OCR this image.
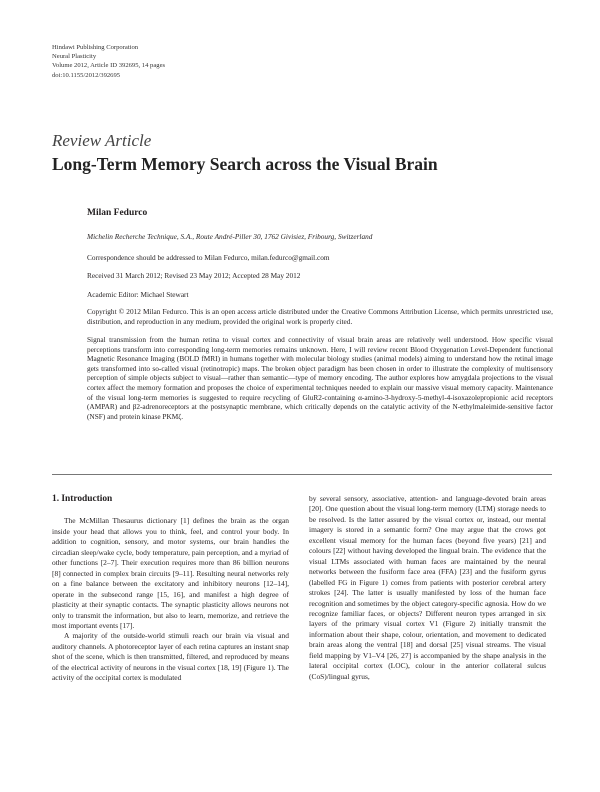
Hindawi Publishing Corporation
Neural Plasticity
Volume 2012, Article ID 392695, 14 pages
doi:10.1155/2012/392695
Review Article
Long-Term Memory Search across the Visual Brain
Milan Fedurco
Michelin Recherche Technique, S.A., Route André-Piller 30, 1762 Givisiez, Fribourg, Switzerland
Correspondence should be addressed to Milan Fedurco, milan.fedurco@gmail.com
Received 31 March 2012; Revised 23 May 2012; Accepted 28 May 2012
Academic Editor: Michael Stewart
Copyright © 2012 Milan Fedurco. This is an open access article distributed under the Creative Commons Attribution License, which permits unrestricted use, distribution, and reproduction in any medium, provided the original work is properly cited.
Signal transmission from the human retina to visual cortex and connectivity of visual brain areas are relatively well understood. How specific visual perceptions transform into corresponding long-term memories remains unknown. Here, I will review recent Blood Oxygenation Level-Dependent functional Magnetic Resonance Imaging (BOLD fMRI) in humans together with molecular biology studies (animal models) aiming to understand how the retinal image gets transformed into so-called visual (retinotropic) maps. The broken object paradigm has been chosen in order to illustrate the complexity of multisensory perception of simple objects subject to visual—rather than semantic—type of memory encoding. The author explores how amygdala projections to the visual cortex affect the memory formation and proposes the choice of experimental techniques needed to explain our massive visual memory capacity. Maintenance of the visual long-term memories is suggested to require recycling of GluR2-containing α-amino-3-hydroxy-5-methyl-4-isoxazolepropionic acid receptors (AMPAR) and β2-adrenoreceptors at the postsynaptic membrane, which critically depends on the catalytic activity of the N-ethylmaleimide-sensitive factor (NSF) and protein kinase PKMζ.
1. Introduction

The McMillan Thesaurus dictionary [1] defines the brain as the organ inside your head that allows you to think, feel, and control your body. In addition to cognition, sensory, and motor systems, our brain handles the circadian sleep/wake cycle, body temperature, pain perception, and a myriad of other functions [2–7]. Their execution requires more than 86 billion neurons [8] connected in complex brain circuits [9–11]. Resulting neural networks rely on a fine balance between the excitatory and inhibitory neurons [12–14], operate in the subsecond range [15, 16], and manifest a high degree of plasticity at their synaptic contacts. The synaptic plasticity allows neurons not only to transmit the information, but also to learn, memorize, and retrieve the most important events [17].

A majority of the outside-world stimuli reach our brain via visual and auditory channels. A photoreceptor layer of each retina captures an instant snap shot of the scene, which is then transmitted, filtered, and reproduced by means of the electrical activity of neurons in the visual cortex [18, 19] (Figure 1). The activity of the occipital cortex is modulated

by several sensory, associative, attention- and language-devoted brain areas [20]. One question about the visual long-term memory (LTM) storage needs to be resolved. Is the latter assured by the visual cortex or, instead, our mental imagery is stored in a semantic form? One may argue that the crows got excellent visual memory for the human faces (beyond five years) [21] and colours [22] without having developed the lingual brain. The evidence that the visual LTMs associated with human faces are maintained by the neural networks between the fusiform face area (FFA) [23] and the fusiform gyrus (labelled FG in Figure 1) comes from patients with posterior cerebral artery strokes [24]. The latter is usually manifested by loss of the human face recognition and sometimes by the object category-specific agnosia. How do we recognize familiar faces, or objects? Different neuron types arranged in six layers of the primary visual cortex V1 (Figure 2) initially transmit the information about their shape, colour, orientation, and movement to dedicated brain areas along the ventral [18] and dorsal [25] visual streams. The visual field mapping by V1–V4 [26, 27] is accompanied by the shape analysis in the lateral occipital cortex (LOC), colour in the anterior collateral sulcus (CoS)/lingual gyrus,
